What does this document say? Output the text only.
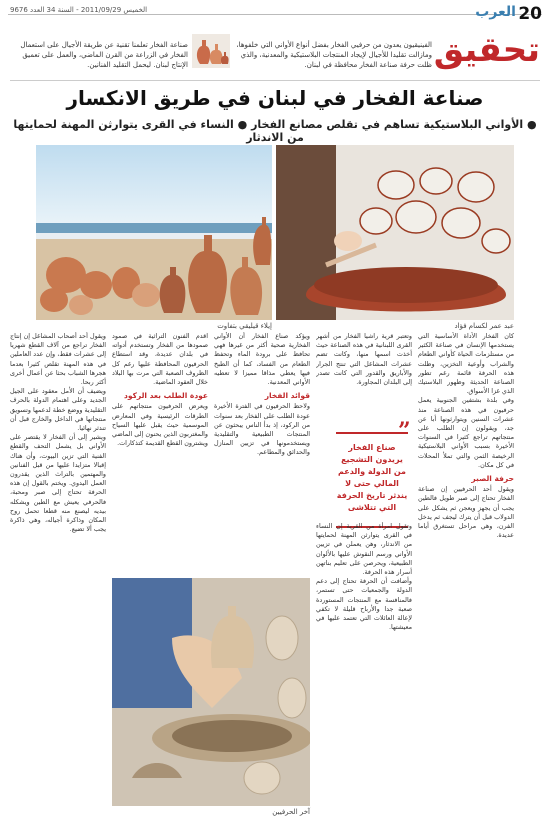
20
العرب
الخميس 2011/09/29 - السنة 34 العدد 9676
تحقيق
الفينيقيون يعدون من حرفيي الفخار بفضل أنواع الأواني التي خلفوها، ومازالت تقليدا للأجيال لإيجاد المنتجات البلاستيكية والمعدنية، والذي ظلت حرفة صناعة الفخار محافظة في لبنان.
صناعة الفخار تعلمنا تقنية عن طريقة الأجيال على استعمال الفخار في الزراعة من القرن الماضي، والعمل على تعميق الإنتاج لبنان. ليحمل التقليد الفنانين.
صناعة الفخار في لبنان في طريق الانكسار
● الأواني البلاستيكية تساهم في تقلص مصانع الفخار ● النساء في القرى يتوارثن المهنة لحمايتها من الاندثار
إيلاء قيليقي بتفاوت	عبد عمر لكسام فؤاد
كان الفخار الأداة الأساسية التي يستخدمها الإنسان في صناعة الكثير من مستلزمات الحياة كأواني الطعام والشراب وأوعية التخزين، وظلت هذه الحرفة قائمة رغم تطور الصناعة الحديثة وظهور البلاستيك الذي غزا الأسواق.
وفي بلدة بشتفين الجنوبية يعمل حرفيون في هذه الصناعة منذ عشرات السنين ويتوارثونها أبا عن جد، ويقولون إن الطلب على منتجاتهم تراجع كثيرا في السنوات الأخيرة بسبب الأواني البلاستيكية الرخيصة الثمن والتي تملأ المحلات في كل مكان.

حرفة الصبر
ويقول أحد الحرفيين إن صناعة الفخار تحتاج إلى صبر طويل فالطين يجب أن يجهز ويعجن ثم يشكل على الدولاب قبل أن يترك ليجف ثم يدخل الفرن، وهي مراحل تستغرق أياما عديدة.
وتعتبر قرية راشيا الفخار من أشهر القرى اللبنانية في هذه الصناعة حيث أخذت اسمها منها، وكانت تضم عشرات المشاغل التي تنتج الجرار والأباريق والقدور التي كانت تصدر إلى البلدان المجاورة.
”
صناع الفخار يريدون التشجيع من الدولة والدعم المالي حتى لا يندثر تاريخ الحرفة التي تتلاشى
وتقول امرأة من القرية إن النساء في القرى يتوارثن المهنة لحمايتها من الاندثار، وهن يعملن في تزيين الأواني ورسم النقوش عليها بالألوان الطبيعية، ويحرصن على تعليم بناتهن أسرار هذه الحرفة.
وأضافت أن الحرفة تحتاج إلى دعم الدولة والجمعيات حتى تستمر، فالمنافسة مع المنتجات المستوردة صعبة جدا والأرباح قليلة لا تكفي لإعالة العائلات التي تعتمد عليها في معيشتها.
ويؤكد صناع الفخار أن الأواني الفخارية صحية أكثر من غيرها فهي تحافظ على برودة الماء وتحفظ الطعام من الفساد، كما أن الطبخ فيها يعطي مذاقا مميزا لا تعطيه الأواني المعدنية.
قوائد الفخار
ولاحظ الحرفيون في الفترة الأخيرة عودة الطلب على الفخار بعد سنوات من الركود، إذ بدأ الناس يبحثون عن المنتجات الطبيعية والتقليدية ويستخدمونها في تزيين المنازل والحدائق والمطاعم.
اقدم الفنون التراثية في صمود صمودها من الفخار وتستخدم أدواته في بلدان عديدة، وقد استطاع الحرفيون المحافظة عليها رغم كل الظروف الصعبة التي مرت بها البلاد خلال العقود الماضية.
عودة الطلب بعد الركود
ويعرض الحرفيون منتجاتهم على الطرقات الرئيسية وفي المعارض الموسمية حيث يقبل عليها السياح والمغتربون الذين يحنون إلى الماضي ويشترون القطع القديمة كتذكارات.
ويقول أحد أصحاب المشاغل إن إنتاج الفخار تراجع من آلاف القطع شهريا إلى عشرات فقط، وإن عدد العاملين في هذه المهنة تقلص كثيرا بعدما هجرها الشباب بحثا عن أعمال أخرى أكثر ربحا.
ويضيف أن الأمل معقود على الجيل الجديد وعلى اهتمام الدولة بالحرف التقليدية ووضع خطة لدعمها وتسويق منتجاتها في الداخل والخارج قبل أن تندثر نهائيا.
ويشير إلى أن الفخار لا يقتصر على الأواني بل يشمل التحف والقطع الفنية التي تزين البيوت، وأن هناك إقبالا متزايدا عليها من قبل الفنانين والمهتمين بالتراث الذين يقدرون العمل اليدوي. ويختم بالقول إن هذه الحرفة تحتاج إلى صبر ومحبة، فالحرفي يعيش مع الطين ويشكله بيديه ليصنع منه قطعا تحمل روح المكان وذاكرة أجياله، وهي ذاكرة يجب ألا تضيع.
آخر الحرفيين
